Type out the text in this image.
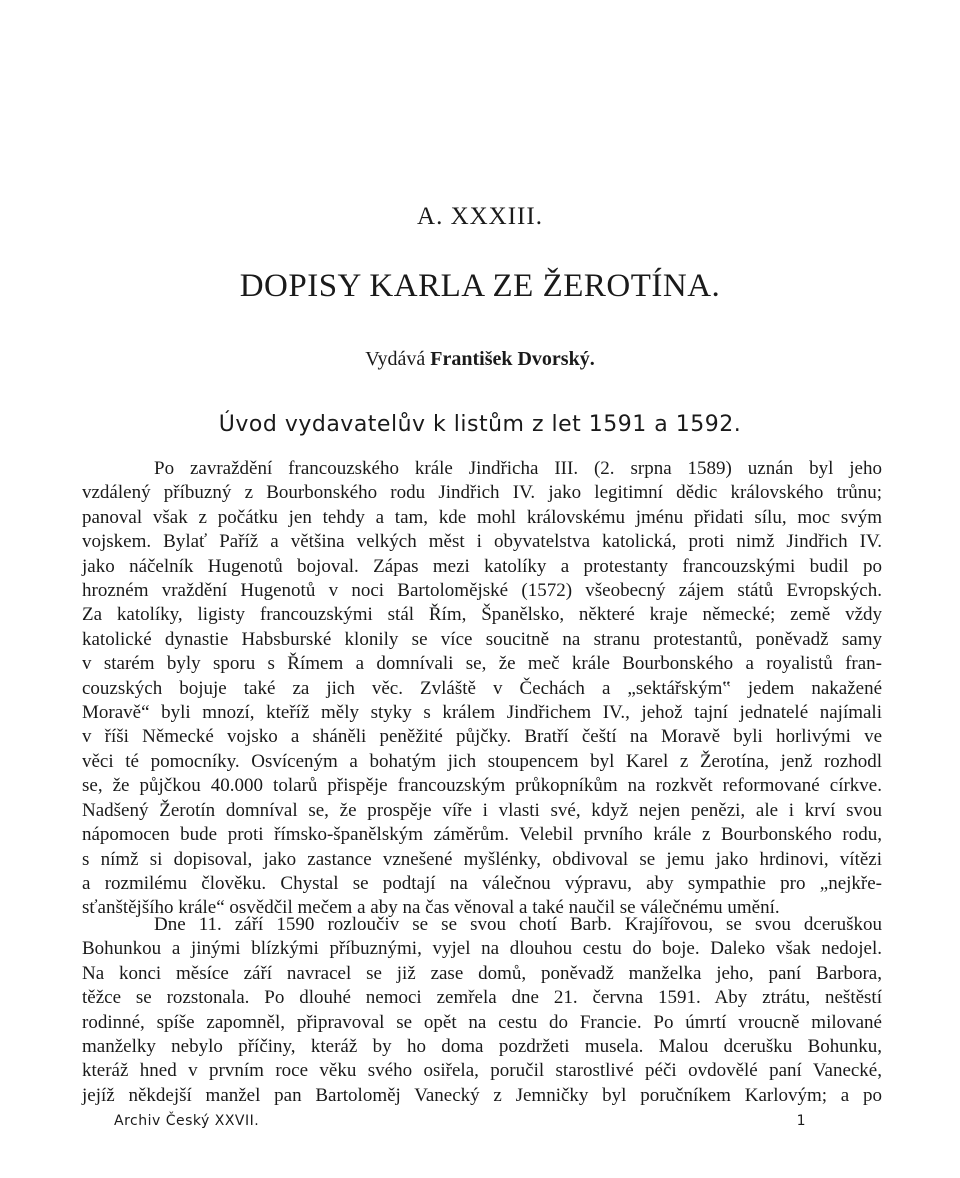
A. XXXIII.
DOPISY KARLA ZE ŽEROTÍNA.
Vydává František Dvorský.
Úvod vydavatelův k listům z let 1591 a 1592.
Po zavraždění francouzského krále Jindřicha III. (2. srpna 1589) uznán byl jeho
vzdálený příbuzný z Bourbonského rodu Jindřich IV. jako legitimní dědic královského trůnu;
panoval však z počátku jen tehdy a tam, kde mohl královskému jménu přidati sílu, moc svým
vojskem. Bylať Paříž a většina velkých měst i obyvatelstva katolická, proti nimž Jindřich IV.
jako náčelník Hugenotů bojoval. Zápas mezi katolíky a protestanty francouzskými budil po
hrozném vraždění Hugenotů v noci Bartolomějské (1572) všeobecný zájem států Evropských.
Za katolíky, ligisty francouzskými stál Řím, Španělsko, některé kraje německé; země vždy
katolické dynastie Habsburské klonily se více soucitně na stranu protestantů, poněvadž samy
v starém byly sporu s Římem a domnívali se, že meč krále Bourbonského a royalistů fran-
couzských bojuje také za jich věc. Zvláště v Čechách a „sektářským‟ jedem nakažené
Moravě“ byli mnozí, kteříž měly styky s králem Jindřichem IV., jehož tajní jednatelé najímali
v říši Německé vojsko a sháněli peněžité půjčky. Bratří čeští na Moravě byli horlivými ve
věci té pomocníky. Osvíceným a bohatým jich stoupencem byl Karel z Žerotína, jenž rozhodl
se, že půjčkou 40.000 tolarů přispěje francouzským průkopníkům na rozkvět reformované církve.
Nadšený Žerotín domníval se, že prospěje víře i vlasti své, když nejen penězi, ale i krví svou
nápomocen bude proti římsko-španělským záměrům. Velebil prvního krále z Bourbonského rodu,
s nímž si dopisoval, jako zastance vznešené myšlénky, obdivoval se jemu jako hrdinovi, vítězi
a rozmilému člověku. Chystal se podtají na válečnou výpravu, aby sympathie pro „nejkře-
sťanštějšího krále“ osvědčil mečem a aby na čas věnoval a také naučil se válečnému umění.
Dne 11. září 1590 rozloučiv se se svou chotí Barb. Krajířovou, se svou dceruškou
Bohunkou a jinými blízkými příbuznými, vyjel na dlouhou cestu do boje. Daleko však nedojel.
Na konci měsíce září navracel se již zase domů, poněvadž manželka jeho, paní Barbora,
těžce se rozstonala. Po dlouhé nemoci zemřela dne 21. června 1591. Aby ztrátu, neštěstí
rodinné, spíše zapomněl, připravoval se opět na cestu do Francie. Po úmrtí vroucně milované
manželky nebylo příčiny, kteráž by ho doma pozdržeti musela. Malou dcerušku Bohunku,
kteráž hned v prvním roce věku svého osiřela, poručil starostlivé péči ovdovělé paní Vanecké,
jejíž někdejší manžel pan Bartoloměj Vanecký z Jemničky byl poručníkem Karlovým; a po
Archiv Český XXVII.	1
